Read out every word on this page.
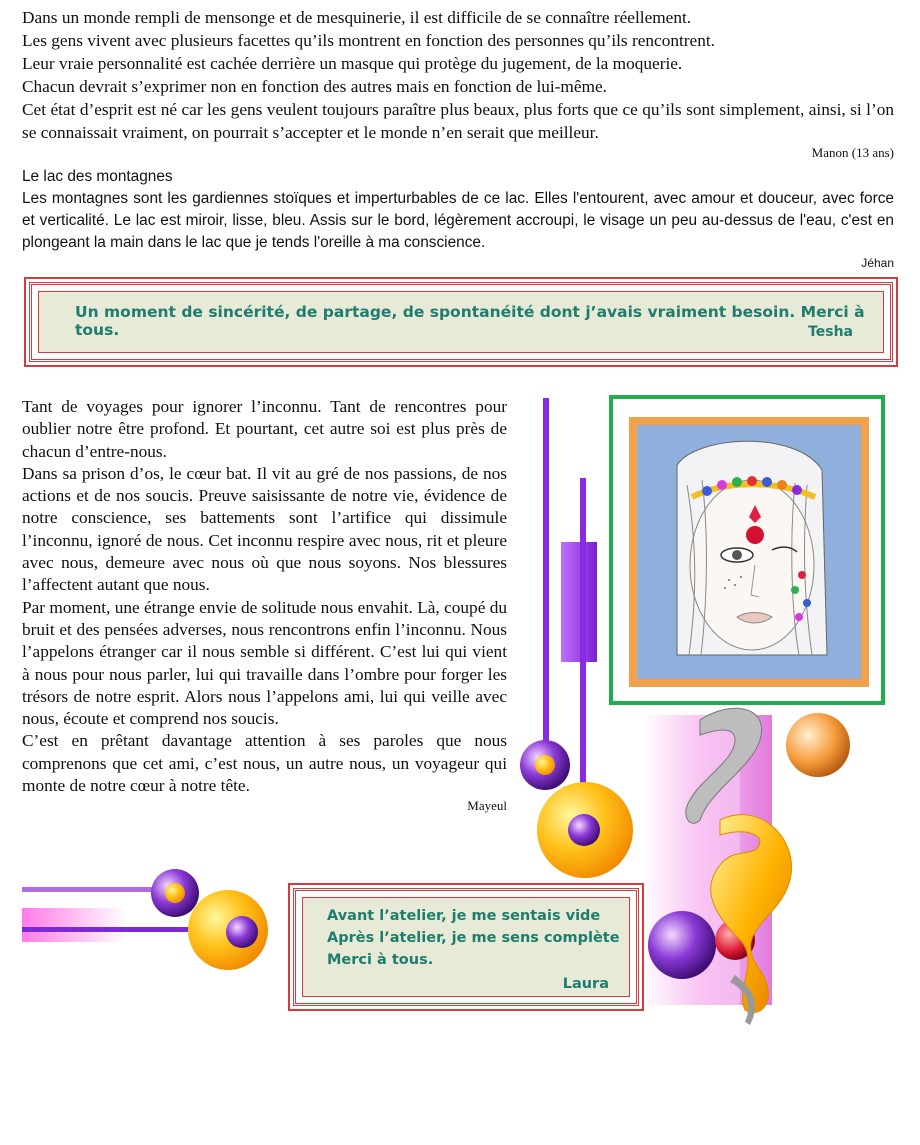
Dans un monde rempli de mensonge et de mesquinerie, il est difficile de se connaître réellement.

Les gens vivent avec plusieurs facettes qu’ils montrent en fonction des personnes qu’ils rencontrent.

Leur vraie personnalité est cachée derrière un masque qui protège du jugement, de la moquerie.

Chacun devrait s’exprimer non en fonction des autres mais en fonction de lui-même.

Cet état d’esprit est né car les gens veulent toujours paraître plus beaux, plus forts que ce qu’ils sont simplement, ainsi, si l’on se connaissait vraiment, on pourrait s’accepter et le monde n’en serait que meilleur.

Manon (13 ans)

Le lac des montagnes

Les montagnes sont les gardiennes stoïques et imperturbables de ce lac. Elles l'entourent, avec amour et douceur, avec force et verticalité. Le lac est miroir, lisse, bleu. Assis sur le bord, légèrement accroupi, le visage un peu au-dessus de l'eau, c'est en plongeant la main dans le lac que je tends l'oreille à ma conscience.

Jéhan
Un moment de sincérité, de partage, de spontanéité dont j’avais vraiment besoin. Merci à tous.	Tesha

Tant de voyages pour ignorer l’inconnu. Tant de rencontres pour oublier notre être profond. Et pourtant, cet autre soi est plus près de chacun d’entre-nous.

Dans sa prison d’os, le cœur bat. Il vit au gré de nos passions, de nos actions et de nos soucis. Preuve saisissante de notre vie, évidence de notre conscience, ses battements sont l’artifice qui dissimule l’inconnu, ignoré de nous. Cet inconnu respire avec nous, rit et pleure avec nous, demeure avec nous où que nous soyons. Nos blessures l’affectent autant que nous.

Par moment, une étrange envie de solitude nous envahit. Là, coupé du bruit et des pensées adverses, nous rencontrons enfin l’inconnu. Nous l’appelons étranger car il nous semble si différent. C’est lui qui vient à nous pour nous parler, lui qui travaille dans l’ombre pour forger les trésors de notre esprit. Alors nous l’appelons ami, lui qui veille avec nous, écoute et comprend nos soucis.

C’est en prêtant davantage attention à ses paroles que nous comprenons que cet ami, c’est nous, un autre nous, un voyageur qui monte de notre cœur à notre tête.

Mayeul
Avant l’atelier, je me sentais vide
Après l’atelier, je me sens complète
Merci à tous.
Laura
